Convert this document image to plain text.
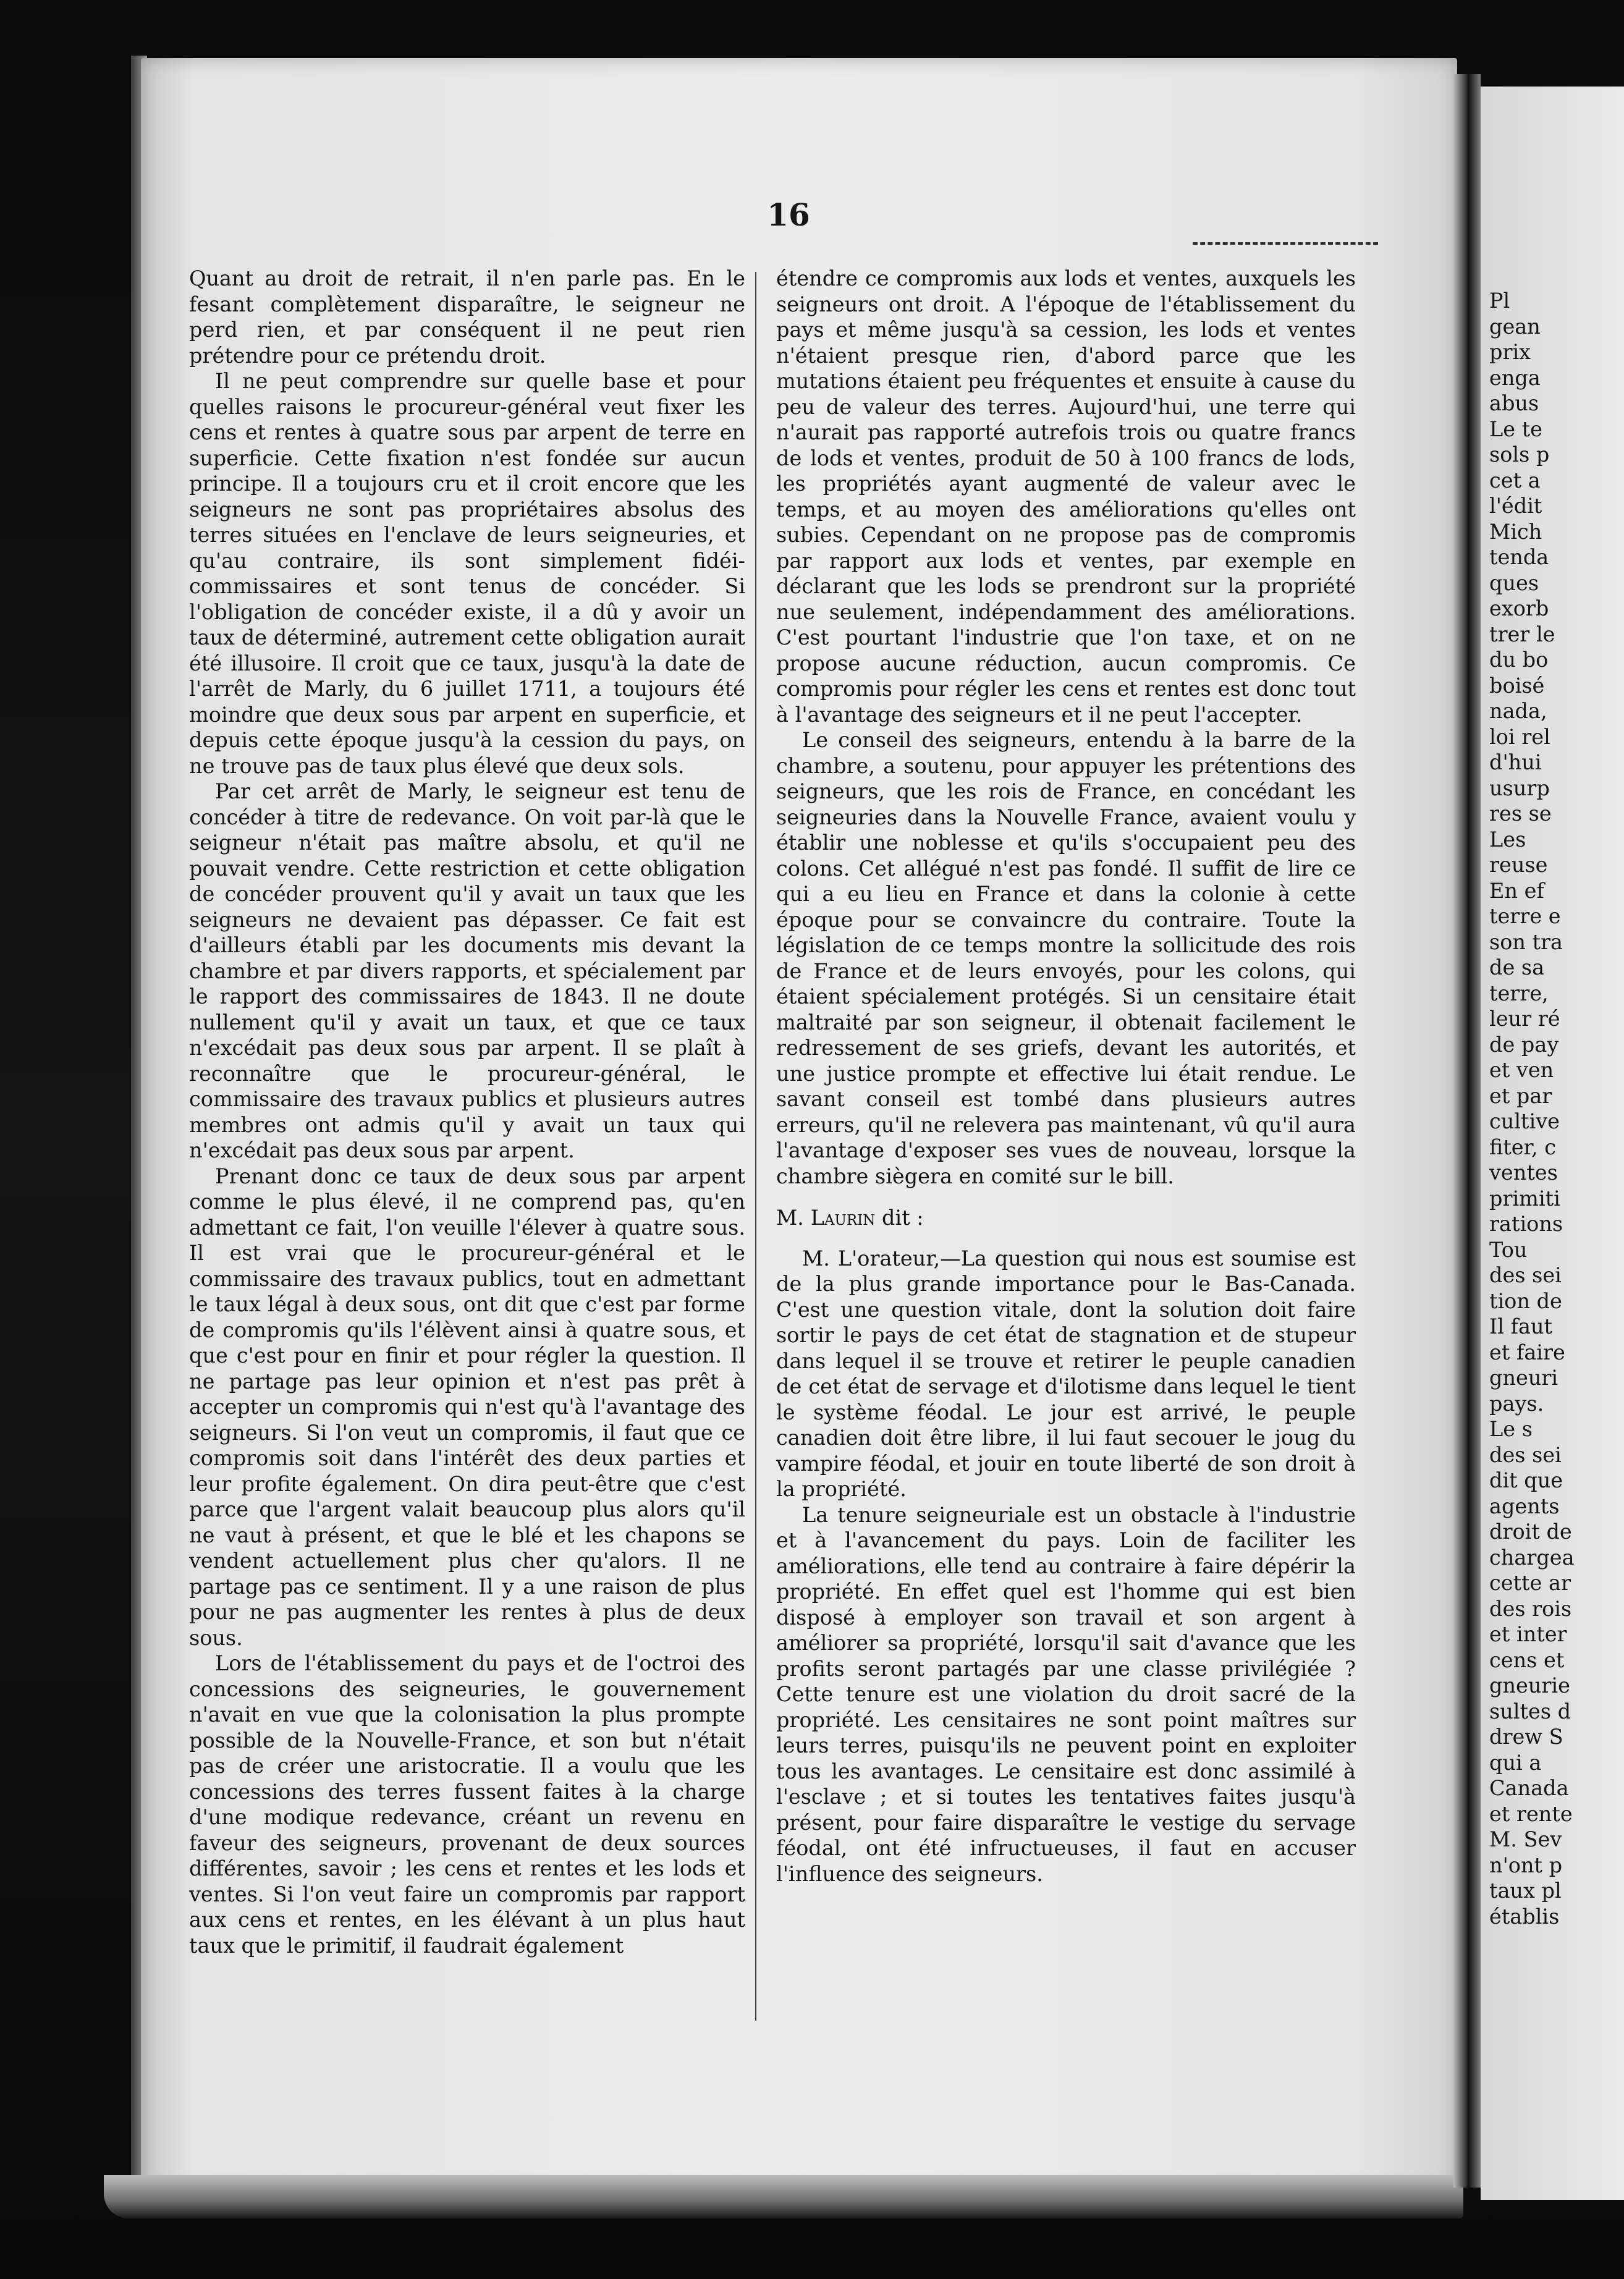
16

Quant au droit de retrait, il n'en parle pas. En le fesant complètement disparaître, le seigneur ne perd rien, et par conséquent il ne peut rien prétendre pour ce prétendu droit.

Il ne peut comprendre sur quelle base et pour quelles raisons le procureur-général veut fixer les cens et rentes à quatre sous par arpent de terre en superficie. Cette fixation n'est fondée sur aucun principe. Il a toujours cru et il croit encore que les seigneurs ne sont pas propriétaires absolus des terres situées en l'enclave de leurs seigneuries, et qu'au contraire, ils sont simplement fidéi-commissaires et sont tenus de concéder. Si l'obligation de concéder existe, il a dû y avoir un taux de déterminé, autrement cette obligation aurait été illusoire. Il croit que ce taux, jusqu'à la date de l'arrêt de Marly, du 6 juillet 1711, a toujours été moindre que deux sous par arpent en superficie, et depuis cette époque jusqu'à la cession du pays, on ne trouve pas de taux plus élevé que deux sols.

Par cet arrêt de Marly, le seigneur est tenu de concéder à titre de redevance. On voit par-là que le seigneur n'était pas maître absolu, et qu'il ne pouvait vendre. Cette restriction et cette obligation de concéder prouvent qu'il y avait un taux que les seigneurs ne devaient pas dépasser. Ce fait est d'ailleurs établi par les documents mis devant la chambre et par divers rapports, et spécialement par le rapport des commissaires de 1843. Il ne doute nullement qu'il y avait un taux, et que ce taux n'excédait pas deux sous par arpent. Il se plaît à reconnaître que le procureur-général, le commissaire des travaux publics et plusieurs autres membres ont admis qu'il y avait un taux qui n'excédait pas deux sous par arpent.

Prenant donc ce taux de deux sous par arpent comme le plus élevé, il ne comprend pas, qu'en admettant ce fait, l'on veuille l'élever à quatre sous. Il est vrai que le procureur-général et le commissaire des travaux publics, tout en admettant le taux légal à deux sous, ont dit que c'est par forme de compromis qu'ils l'élèvent ainsi à quatre sous, et que c'est pour en finir et pour régler la question. Il ne partage pas leur opinion et n'est pas prêt à accepter un compromis qui n'est qu'à l'avantage des seigneurs. Si l'on veut un compromis, il faut que ce compromis soit dans l'intérêt des deux parties et leur profite également. On dira peut-être que c'est parce que l'argent valait beaucoup plus alors qu'il ne vaut à présent, et que le blé et les chapons se vendent actuellement plus cher qu'alors. Il ne partage pas ce sentiment. Il y a une raison de plus pour ne pas augmenter les rentes à plus de deux sous.

Lors de l'établissement du pays et de l'octroi des concessions des seigneuries, le gouvernement n'avait en vue que la colonisation la plus prompte possible de la Nouvelle-France, et son but n'était pas de créer une aristocratie. Il a voulu que les concessions des terres fussent faites à la charge d'une modique redevance, créant un revenu en faveur des seigneurs, provenant de deux sources différentes, savoir ; les cens et rentes et les lods et ventes. Si l'on veut faire un compromis par rapport aux cens et rentes, en les élévant à un plus haut taux que le primitif, il faudrait également

étendre ce compromis aux lods et ventes, auxquels les seigneurs ont droit. A l'époque de l'établissement du pays et même jusqu'à sa cession, les lods et ventes n'étaient presque rien, d'abord parce que les mutations étaient peu fréquentes et ensuite à cause du peu de valeur des terres. Aujourd'hui, une terre qui n'aurait pas rapporté autrefois trois ou quatre francs de lods et ventes, produit de 50 à 100 francs de lods, les propriétés ayant augmenté de valeur avec le temps, et au moyen des améliorations qu'elles ont subies. Cependant on ne propose pas de compromis par rapport aux lods et ventes, par exemple en déclarant que les lods se prendront sur la propriété nue seulement, indépendamment des améliorations. C'est pourtant l'industrie que l'on taxe, et on ne propose aucune réduction, aucun compromis. Ce compromis pour régler les cens et rentes est donc tout à l'avantage des seigneurs et il ne peut l'accepter.

Le conseil des seigneurs, entendu à la barre de la chambre, a soutenu, pour appuyer les prétentions des seigneurs, que les rois de France, en concédant les seigneuries dans la Nouvelle France, avaient voulu y établir une noblesse et qu'ils s'occupaient peu des colons. Cet allégué n'est pas fondé. Il suffit de lire ce qui a eu lieu en France et dans la colonie à cette époque pour se convaincre du contraire. Toute la législation de ce temps montre la sollicitude des rois de France et de leurs envoyés, pour les colons, qui étaient spécialement protégés. Si un censitaire était maltraité par son seigneur, il obtenait facilement le redressement de ses griefs, devant les autorités, et une justice prompte et effective lui était rendue. Le savant conseil est tombé dans plusieurs autres erreurs, qu'il ne relevera pas maintenant, vû qu'il aura l'avantage d'exposer ses vues de nouveau, lorsque la chambre siègera en comité sur le bill.

M. Laurin dit :

M. L'orateur,—La question qui nous est soumise est de la plus grande importance pour le Bas-Canada. C'est une question vitale, dont la solution doit faire sortir le pays de cet état de stagnation et de stupeur dans lequel il se trouve et retirer le peuple canadien de cet état de servage et d'ilotisme dans lequel le tient le système féodal. Le jour est arrivé, le peuple canadien doit être libre, il lui faut secouer le joug du vampire féodal, et jouir en toute liberté de son droit à la propriété.

La tenure seigneuriale est un obstacle à l'industrie et à l'avancement du pays. Loin de faciliter les améliorations, elle tend au contraire à faire dépérir la propriété. En effet quel est l'homme qui est bien disposé à employer son travail et son argent à améliorer sa propriété, lorsqu'il sait d'avance que les profits seront partagés par une classe privilégiée ? Cette tenure est une violation du droit sacré de la propriété. Les censitaires ne sont point maîtres sur leurs terres, puisqu'ils ne peuvent point en exploiter tous les avantages. Le censitaire est donc assimilé à l'esclave ; et si toutes les tentatives faites jusqu'à présent, pour faire disparaître le vestige du servage féodal, ont été infructueuses, il faut en accuser l'influence des seigneurs.

Pl
gean
prix
enga
abus
Le te
sols p
cet a
l'édit
Mich
tenda
ques
exorb
trer le
du bo
boisé
nada,
loi rel
d'hui
usurp
res se
Les
reuse
En ef
terre e
son tra
de sa
terre,
leur ré
de pay
et ven
et par
cultive
fiter, c
ventes
primiti
rations
Tou
des sei
tion de
Il faut
et faire
gneuri
pays.
Le s
des sei
dit que
agents
droit de
chargea
cette ar
des rois
et inter
cens et
gneurie
sultes d
drew S
qui a
Canada
et rente
M. Sev
n'ont p
taux pl
établis
